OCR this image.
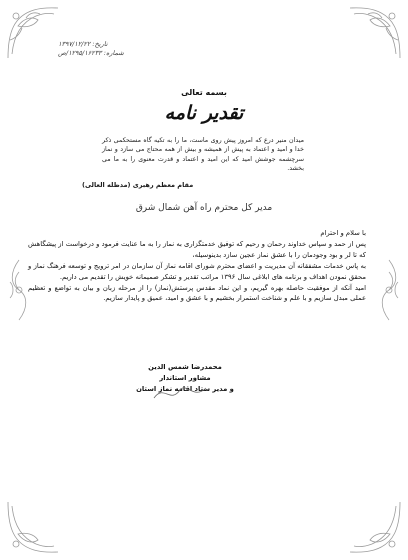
تاریخ: ۱۳۹۷/۱۲/۲۲
شماره: ۱۲۹۵/۱۶۲۳۳/ص
بسمه تعالی
تقدیر نامه
میدان منیر درع که امروز پیش روی ماست، ما را به تکیه گاه مستحکمی ذکر خدا و امید و اعتماد به پیش از همیشه و بیش از همه محتاج می سازد و نماز سرچشمه جوشش امید که این امید و اعتماد و قدرت معنوی را به ما می بخشد.
مقام معظم رهبری (مدظله العالی)
مدیر کل محترم راه آهن شمال شرق

با سلام و احترام

پس از حمد و سپاس خداوند رحمان و رحیم که توفیق خدمتگزاری به نماز را به ما عنایت فرمود و درخواست از پیشگاهش که تا لر و بود وجودمان را با عشق نماز عجین سازد بدینوسیله،

به پاس خدمات مشفقانه آن مدیریت و اعضای محترم شورای اقامه نماز آن سازمان در امر ترویج و توسعه فرهنگ نماز و محقق نمودن اهداف و برنامه های ابلاغی سال ۱۳۹۶ مراتب تقدیر و تشکر صمیمانه خویش را تقدیم می داریم.

امید آنکه از موفقیت حاصله بهره گیریم، و این نماد مقدس پرستش(نماز) را از مرحله زبان و بیان به تواضع و تعظیم عملی مبدل سازیم و با علم و شناخت استمرار بخشیم و با عشق و امید، عمیق و پایدار سازیم.

محمدرضا شمس الدین
مشاور استاندار
و مدیر ستاد اقامه نماز استان
